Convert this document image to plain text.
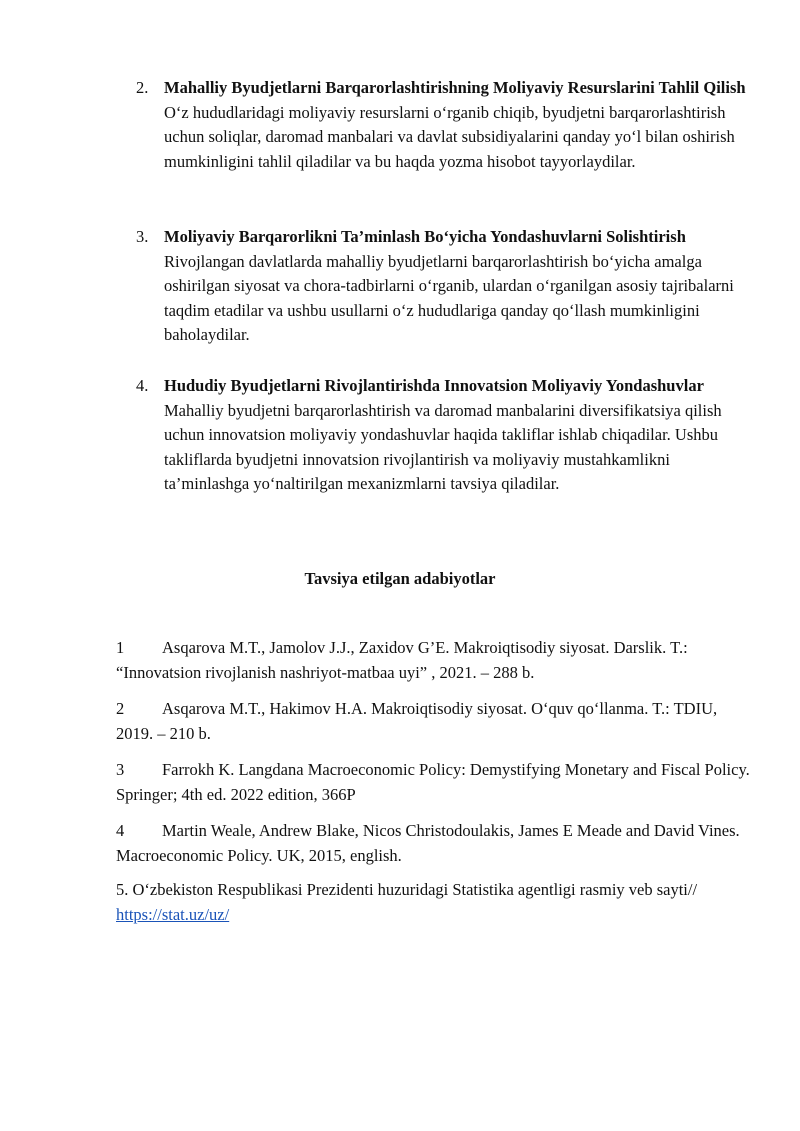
2. Mahalliy Byudjetlarni Barqarorlashtirishning Moliyaviy Resurslarini Tahlil Qilish
O‘z hududlaridagi moliyaviy resurslarni o‘rganib chiqib, byudjetni barqarorlashtirish uchun soliqlar, daromad manbalari va davlat subsidiyalarini qanday yo‘l bilan oshirish mumkinligini tahlil qiladilar va bu haqda yozma hisobot tayyorlaydilar.
3. Moliyaviy Barqarorlikni Ta’minlash Bo‘yicha Yondashuvlarni Solishtirish
Rivojlangan davlatlarda mahalliy byudjetlarni barqarorlashtirish bo‘yicha amalga oshirilgan siyosat va chora-tadbirlarni o‘rganib, ulardan o‘rganilgan asosiy tajribalarni taqdim etadilar va ushbu usullarni o‘z hududlariga qanday qo‘llash mumkinligini baholaydilar.
4. Hududiy Byudjetlarni Rivojlantirishda Innovatsion Moliyaviy Yondashuvlar
Mahalliy byudjetni barqarorlashtirish va daromad manbalarini diversifikatsiya qilish uchun innovatsion moliyaviy yondashuvlar haqida takliflar ishlab chiqadilar. Ushbu takliflarda byudjetni innovatsion rivojlantirish va moliyaviy mustahkamlikni ta’minlashga yo‘naltirilgan mexanizmlarni tavsiya qiladilar.
Tavsiya etilgan adabiyotlar
1 Asqarova M.T., Jamolov J.J., Zaxidov G’E. Makroiqtisodiy siyosat. Darslik. T.: “Innovatsion rivojlanish nashriyot-matbaa uyi” , 2021. – 288 b.
2 Asqarova M.T., Hakimov H.A. Makroiqtisodiy siyosat. O‘quv qo‘llanma. T.: TDIU, 2019. – 210 b.
3 Farrokh K. Langdana Macroeconomic Policy: Demystifying Monetary and Fiscal Policy. Springer; 4th ed. 2022 edition, 366P
4 Martin Weale, Andrew Blake, Nicos Christodoulakis, James E Meade and David Vines. Macroeconomic Policy. UK, 2015, english.
5. O‘zbekiston Respublikasi Prezidenti huzuridagi Statistika agentligi rasmiy veb sayti// https://stat.uz/uz/
